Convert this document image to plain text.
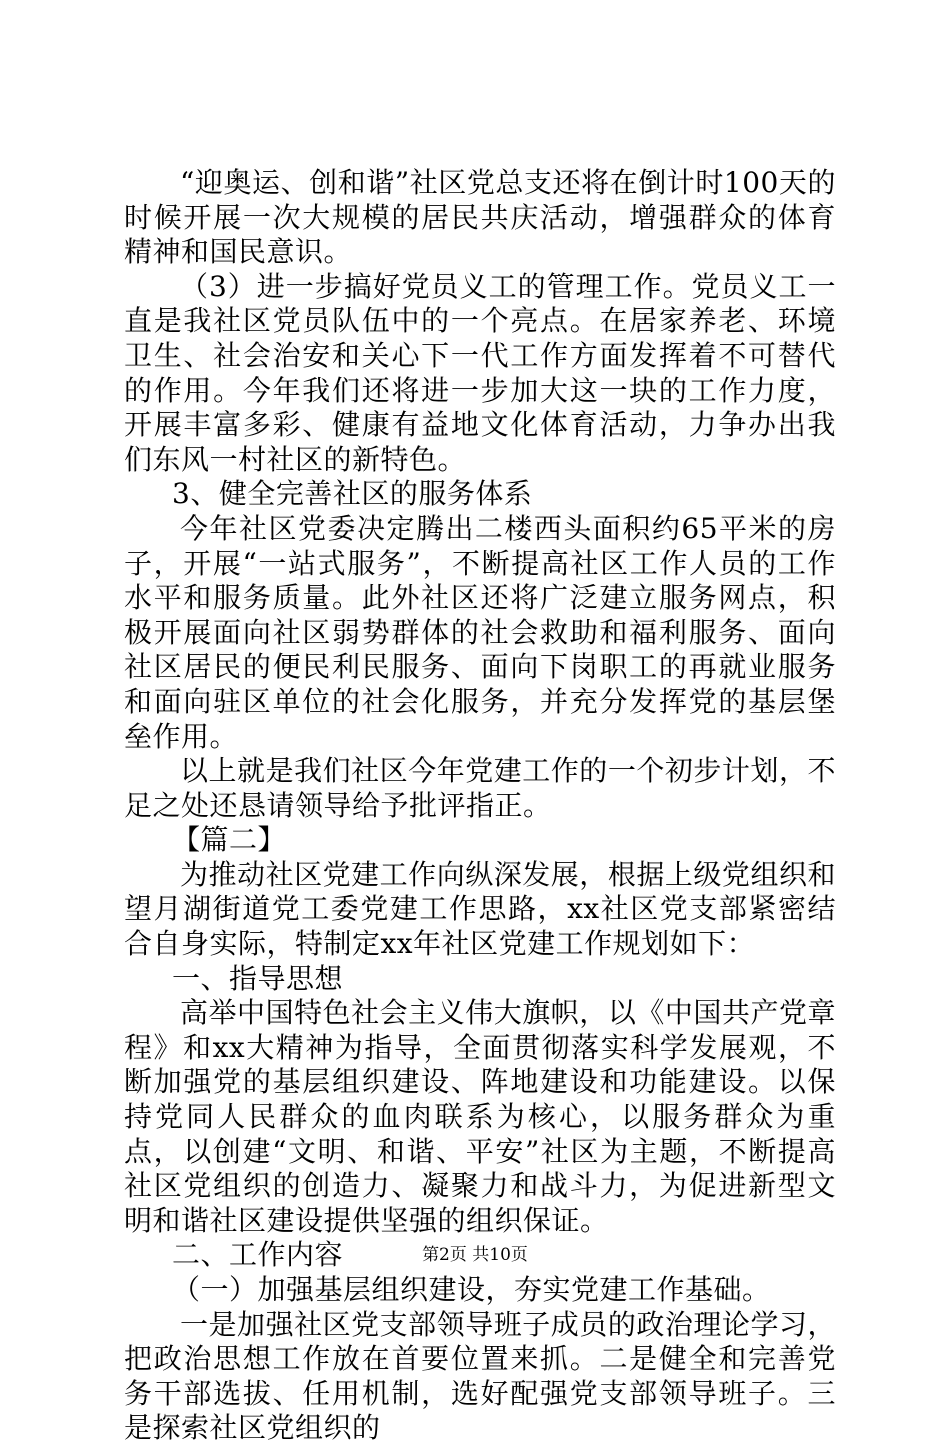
“迎奥运、创和谐”社区党总支还将在倒计时100天的时候开展一次大规模的居民共庆活动，增强群众的体育精神和国民意识。

（3）进一步搞好党员义工的管理工作。党员义工一直是我社区党员队伍中的一个亮点。在居家养老、环境卫生、社会治安和关心下一代工作方面发挥着不可替代的作用。今年我们还将进一步加大这一块的工作力度，开展丰富多彩、健康有益地文化体育活动，力争办出我们东风一村社区的新特色。

3、健全完善社区的服务体系

今年社区党委决定腾出二楼西头面积约65平米的房子，开展“一站式服务”，不断提高社区工作人员的工作水平和服务质量。此外社区还将广泛建立服务网点，积极开展面向社区弱势群体的社会救助和福利服务、面向社区居民的便民利民服务、面向下岗职工的再就业服务和面向驻区单位的社会化服务，并充分发挥党的基层堡垒作用。

以上就是我们社区今年党建工作的一个初步计划，不足之处还恳请领导给予批评指正。

【篇二】

为推动社区党建工作向纵深发展，根据上级党组织和望月湖街道党工委党建工作思路，xx社区党支部紧密结合自身实际，特制定xx年社区党建工作规划如下：

一、指导思想

高举中国特色社会主义伟大旗帜，以《中国共产党章程》和xx大精神为指导，全面贯彻落实科学发展观，不断加强党的基层组织建设、阵地建设和功能建设。以保持党同人民群众的血肉联系为核心，以服务群众为重点，以创建“文明、和谐、平安”社区为主题，不断提高社区党组织的创造力、凝聚力和战斗力，为促进新型文明和谐社区建设提供坚强的组织保证。

二、工作内容

（一）加强基层组织建设，夯实党建工作基础。

一是加强社区党支部领导班子成员的政治理论学习，把政治思想工作放在首要位置来抓。二是健全和完善党务干部选拔、任用机制，选好配强党支部领导班子。三是探索社区党组织的

第2页 共10页
